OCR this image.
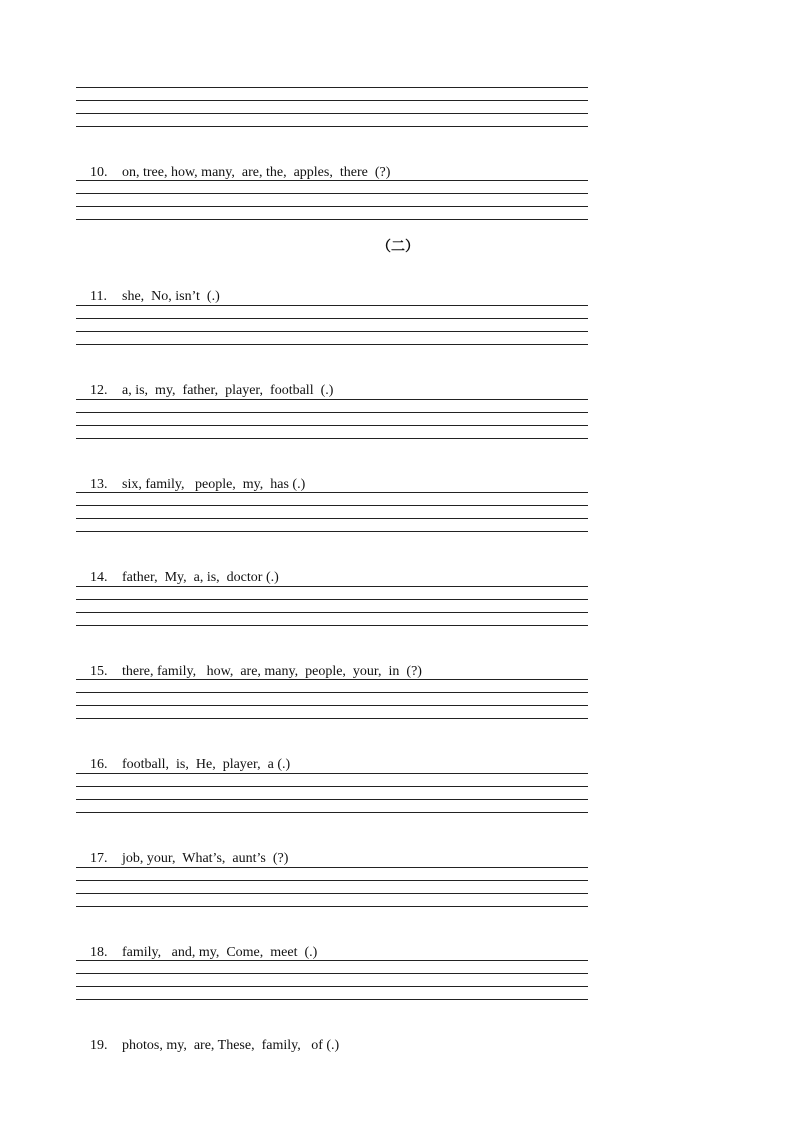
10. on, tree, how, many,  are, the,  apples,  there  (?)

（二）

11. she,  No, isn’t  (.)

12. a, is,  my,  father,  player,  football  (.)

13. six, family,   people,  my,  has (.)

14. father,  My,  a, is,  doctor (.)

15. there, family,   how,  are, many,  people,  your,  in  (?)

16. football,  is,  He,  player,  a (.)

17. job, your,  What’s,  aunt’s  (?)

18. family,   and, my,  Come,  meet  (.)

19. photos, my,  are, These,  family,   of (.)
